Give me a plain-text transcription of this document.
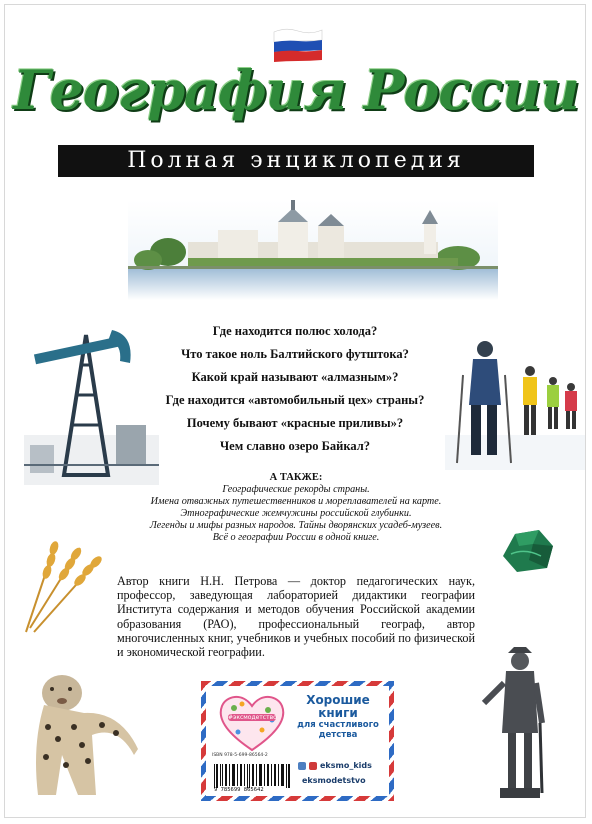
География России
Полная энциклопедия
Где находится полюс холода?
Что такое ноль Балтийского футштока?
Какой край называют «алмазным»?
Где находится «автомобильный цех» страны?
Почему бывают «красные приливы»?
Чем славно озеро Байкал?
А ТАКЖЕ:
Географические рекорды страны.
Имена отважных путешественников и мореплавателей на карте.
Этнографические жемчужины российской глубинки.
Легенды и мифы разных народов. Тайны дворянских усадеб-музеев.
Всё о географии России в одной книге.
Автор книги Н.Н. Петрова — доктор педагогических наук, профессор, заведующая лабораторией дидактики географии Института содержания и методов обучения Российской академии образования (РАО), профессиональный географ, автор многочисленных книг, учебников и учебных пособий по физической и экономической географии.
#эксмодетство
Хорошие
книги
для счастливого
детства
ISBN 978-5-699-86564-2
9 785699 865642
eksmo_kids
eksmodetstvo
